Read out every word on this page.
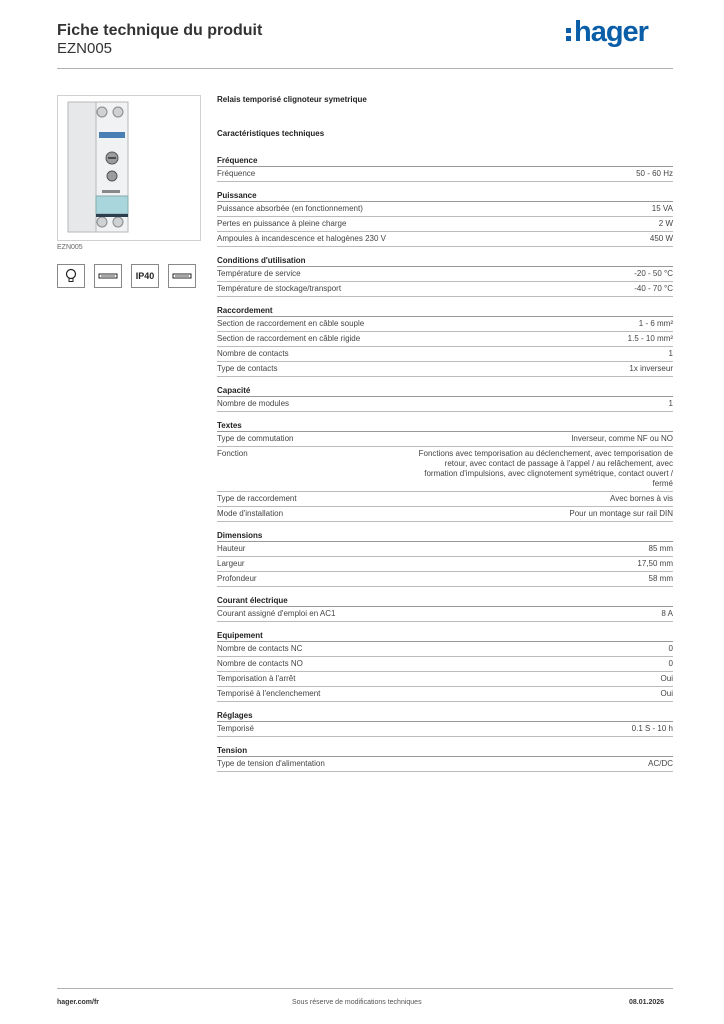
Fiche technique du produit
EZN005
hager
EZN005
IP40
Relais temporisé clignoteur symetrique
Caractéristiques techniques
Fréquence
Fréquence	50 - 60 Hz
Puissance
Puissance absorbée (en fonctionnement)	15 VA
Pertes en puissance à pleine charge	2 W
Ampoules à incandescence et halogènes 230 V	450 W
Conditions d'utilisation
Température de service	-20 - 50 °C
Température de stockage/transport	-40 - 70 °C
Raccordement
Section de raccordement en câble souple	1 - 6 mm²
Section de raccordement en câble rigide	1.5 - 10 mm²
Nombre de contacts	1
Type de contacts	1x inverseur
Capacité
Nombre de modules	1
Textes
Type de commutation	Inverseur, comme NF ou NO
Fonction	Fonctions avec temporisation au déclenchement, avec temporisation de retour, avec contact de passage à l'appel / au relâchement, avec formation d'impulsions, avec clignotement symétrique, contact ouvert / fermé
Type de raccordement	Avec bornes à vis
Mode d'installation	Pour un montage sur rail DIN
Dimensions
Hauteur	85 mm
Largeur	17,50 mm
Profondeur	58 mm
Courant électrique
Courant assigné d'emploi en AC1	8 A
Equipement
Nombre de contacts NC	0
Nombre de contacts NO	0
Temporisation à l'arrêt	Oui
Temporisé à l'enclenchement	Oui
Réglages
Temporisé	0.1 S - 10 h
Tension
Type de tension d'alimentation	AC/DC
hager.com/fr	Sous réserve de modifications techniques	08.01.2026
